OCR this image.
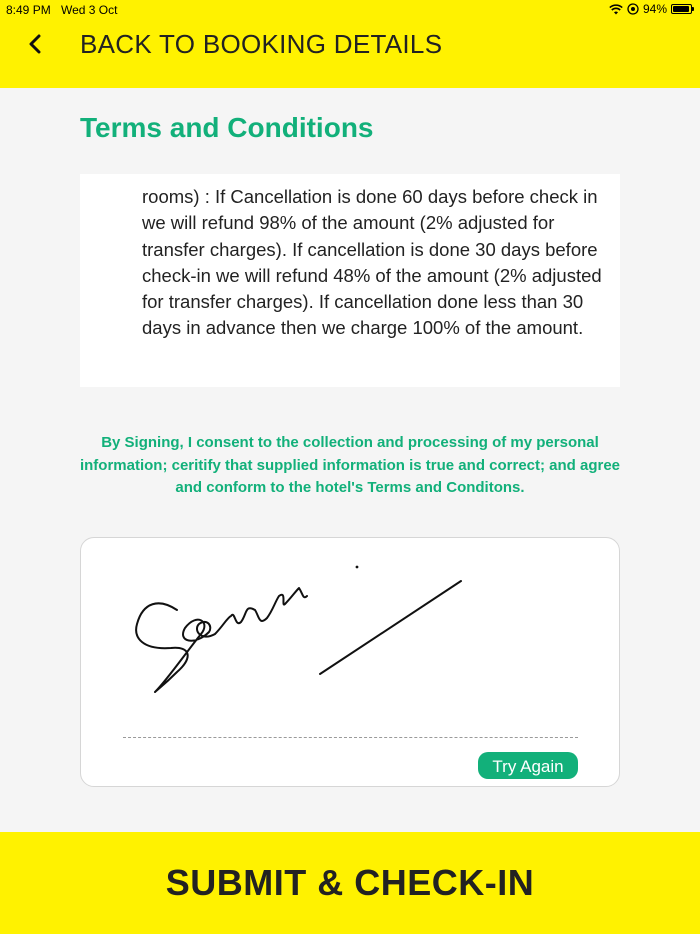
8:49 PM Wed 3 Oct	94%
BACK TO BOOKING DETAILS
Terms and Conditions
rooms) : If Cancellation is done 60 days before check in we will refund 98% of the amount (2% adjusted for transfer charges). If cancellation is done 30 days before check-in we will refund 48% of the amount (2% adjusted for transfer charges). If cancellation done less than 30 days in advance then we charge 100% of the amount.
By Signing, I consent to the collection and processing of my personal information; ceritify that supplied information is true and correct; and agree and conform to the hotel's Terms and Conditons.
Try Again
SUBMIT & CHECK-IN
